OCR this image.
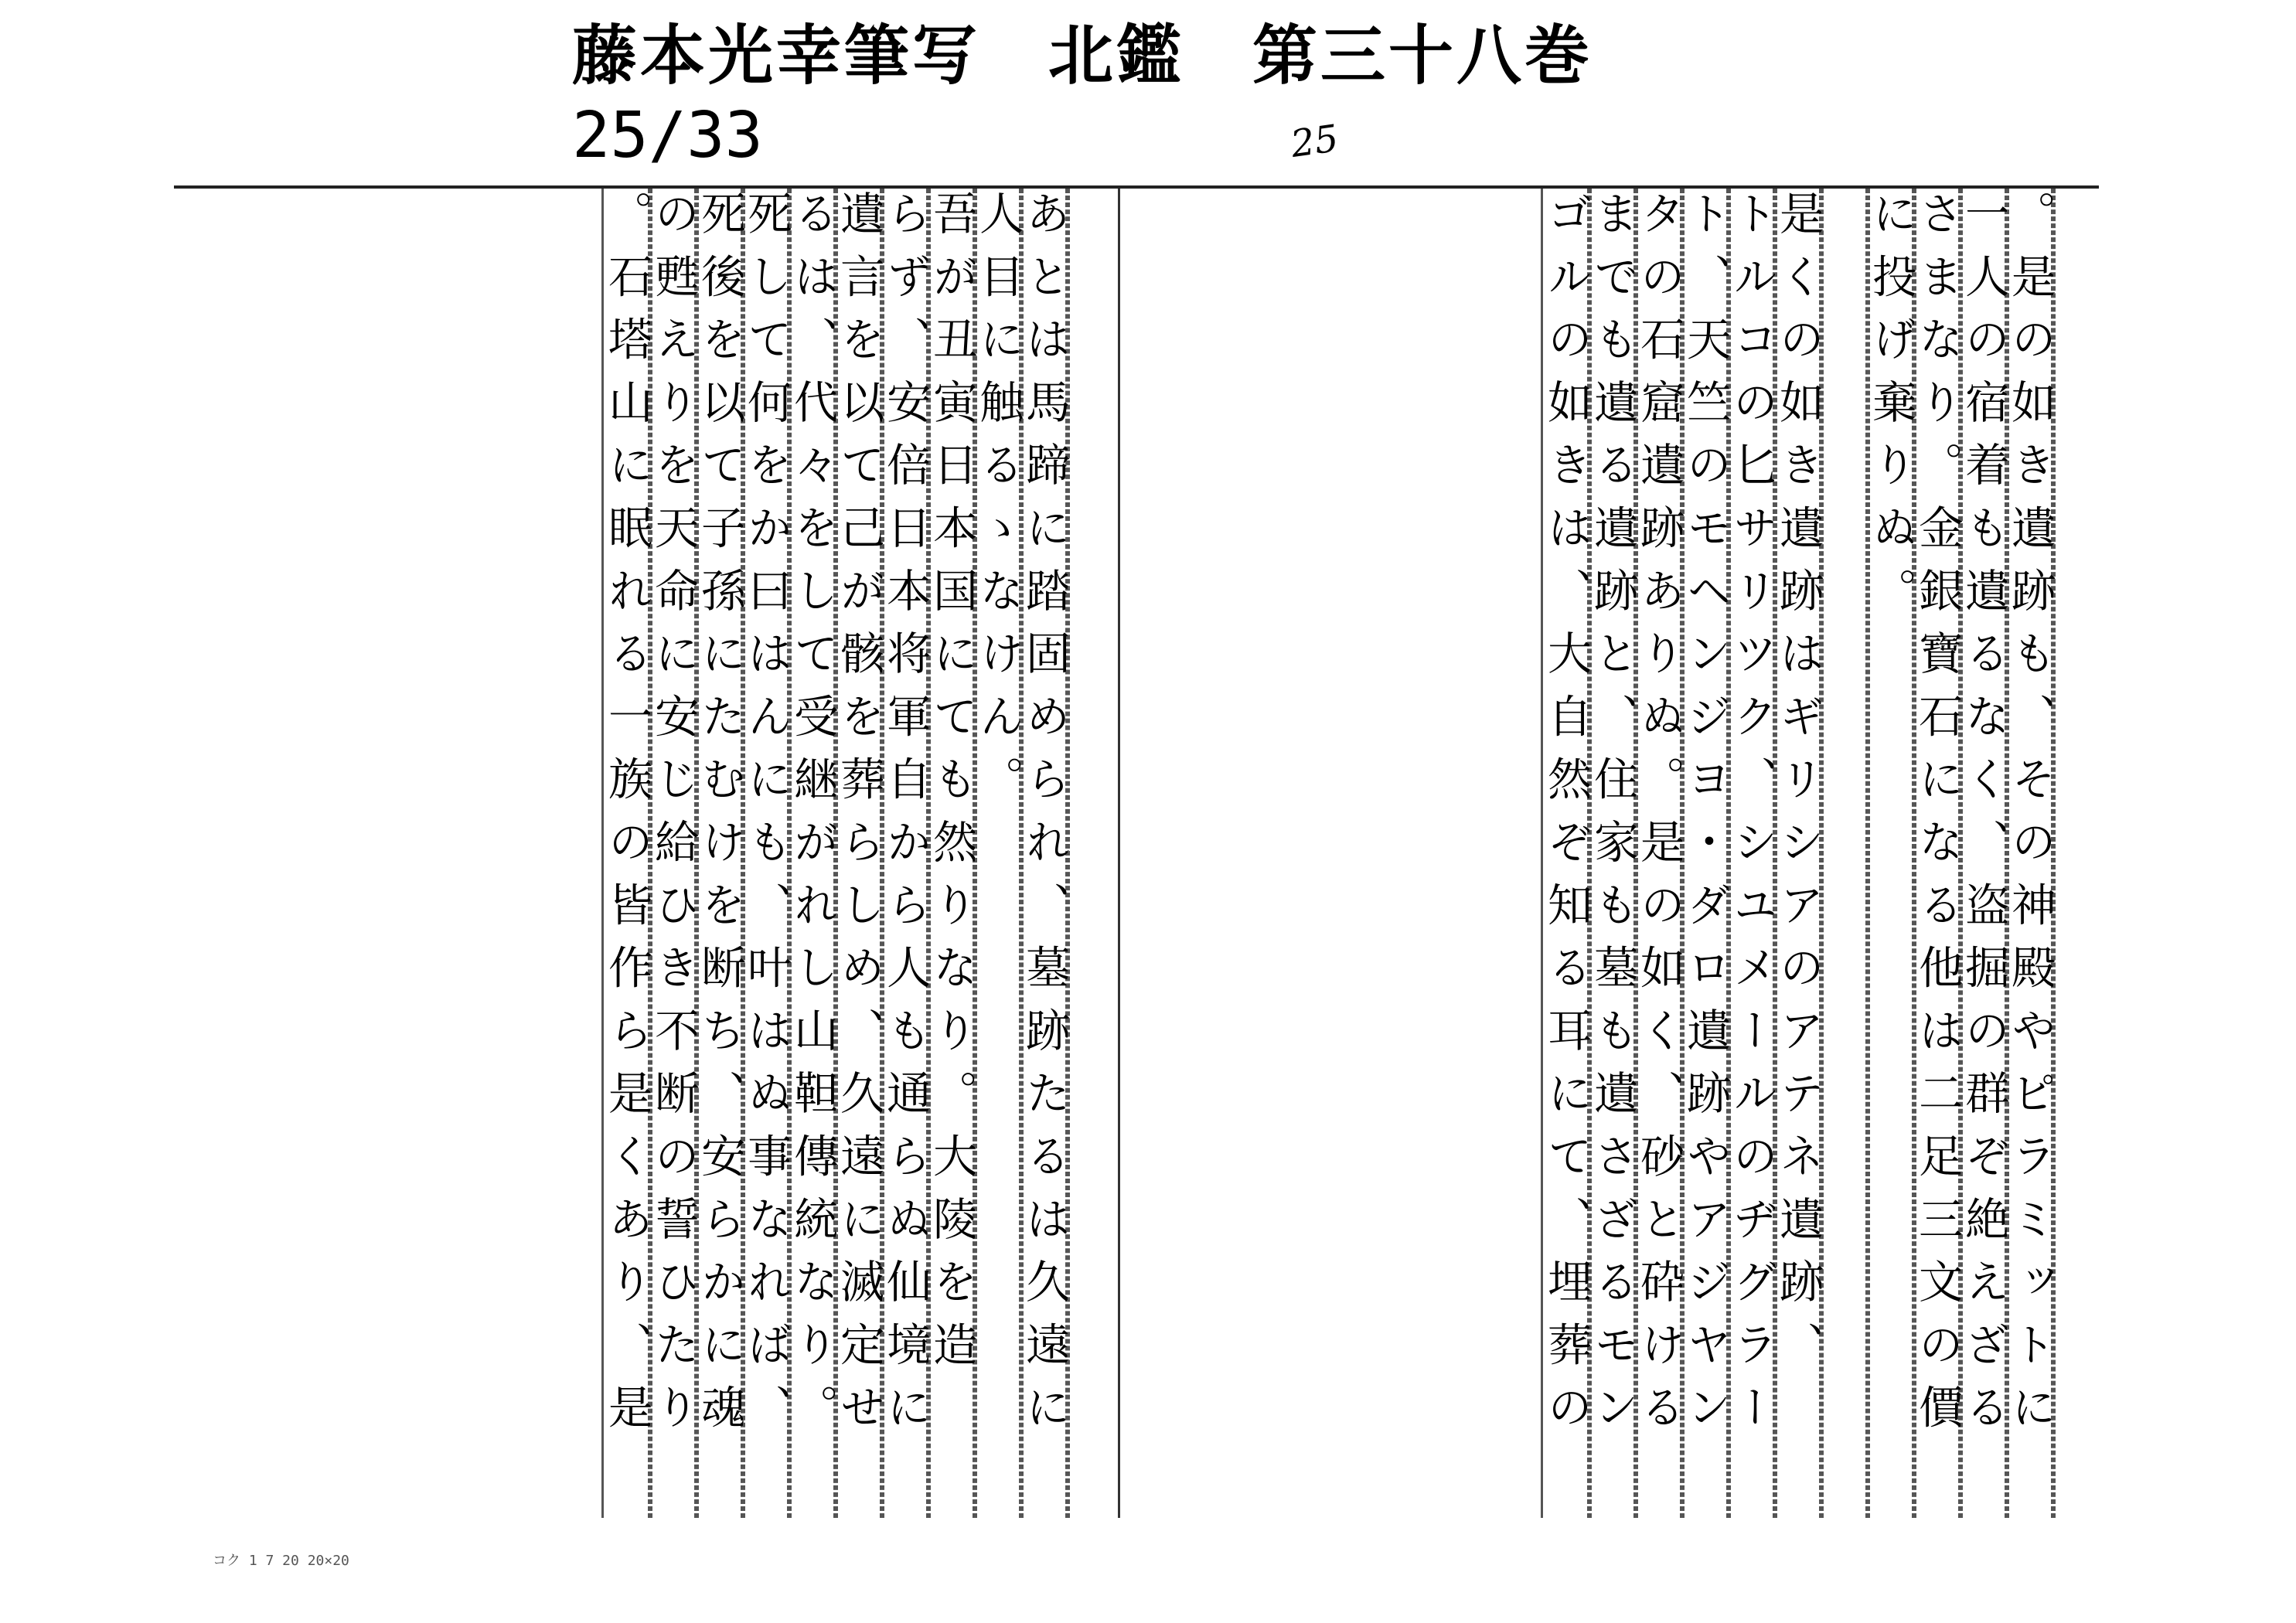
藤本光幸筆写　北鑑　第三十八巻
25/33	25
。是の如き遺跡も、その神殿やピラミットに
一人の宿着も遺るなく、盗掘の群ぞ絶えざる
さまなり。金銀寶石になる他は二足三文の價
に投げ棄りぬ。
是くの如き遺跡はギリシアのアテネ遺跡、
トルコの匕サリツク、シユメールのヂグラー
ト、天竺のモヘンジヨ・ダロ遺跡やアジヤン
タの石窟遺跡ありぬ。是の如く、砂と砕ける
までも遺る遺跡と、住家も墓も遺さざるモン
ゴルの如きは、大自然ぞ知る耳にて、埋葬の
あとは馬蹄に踏固められ、墓跡たるは久遠に
人目に触るゝなけん。
吾が丑寅日本国にても然りなり。大陵を造
らず、安倍日本将軍自から人も通らぬ仙境に
遺言を以て己が骸を葬らしめ、久遠に滅定せ
るは、代々をして受継がれし山靼傳統なり。
死して何をか曰はんにも、叶はぬ事なれば、
死後を以て子孫にたむけを断ち、安らかに魂
の甦えりを天命に安じ給ひき不断の誓ひたり
。石塔山に眠れる一族の皆作ら是くあり、是
コク 1 7 20 20×20
